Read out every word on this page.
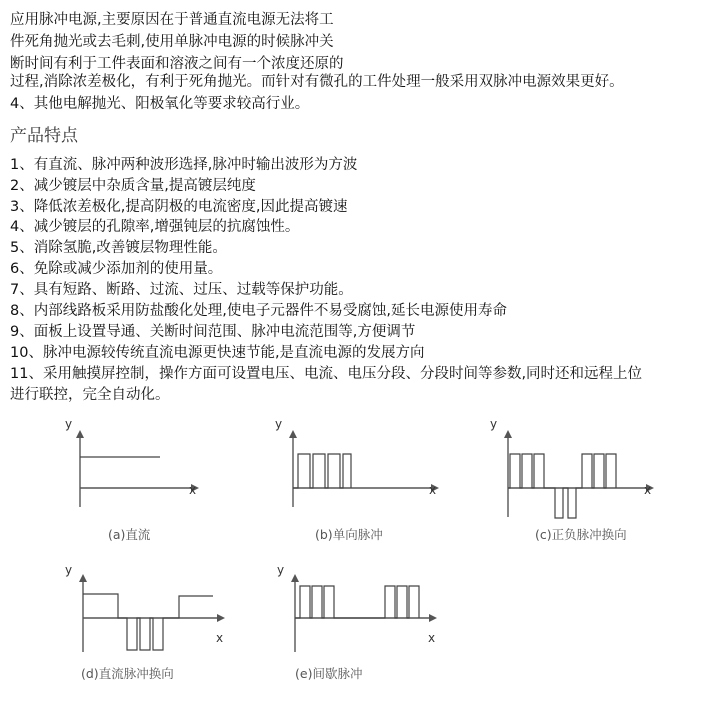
应用脉冲电源,主要原因在于普通直流电源无法将工
件死角抛光或去毛刺,使用单脉冲电源的时候脉冲关
断时间有利于工件表面和溶液之间有一个浓度还原的
过程,消除浓差极化，有利于死角抛光。而针对有微孔的工件处理一般采用双脉冲电源效果更好。
4、其他电解抛光、阳极氧化等要求较高行业。
产品特点
1、有直流、脉冲两种波形选择,脉冲时输出波形为方波
2、减少镀层中杂质含量,提高镀层纯度
3、降低浓差极化,提高阴极的电流密度,因此提高镀速
4、减少镀层的孔隙率,增强钝层的抗腐蚀性。
5、消除氢脆,改善镀层物理性能。
6、免除或减少添加剂的使用量。
7、具有短路、断路、过流、过压、过载等保护功能。
8、内部线路板采用防盐酸化处理,使电子元器件不易受腐蚀,延长电源使用寿命
9、面板上设置导通、关断时间范围、脉冲电流范围等,方便调节
10、脉冲电源较传统直流电源更快速节能,是直流电源的发展方向
11、采用触摸屏控制，操作方面可设置电压、电流、电压分段、分段时间等参数,同时还和远程上位
进行联控，完全自动化。
y
x
(a)直流
y
x
(b)单向脉冲
y
x
(c)正负脉冲换向
y
x
(d)直流脉冲换向
y
x
(e)间歇脉冲
